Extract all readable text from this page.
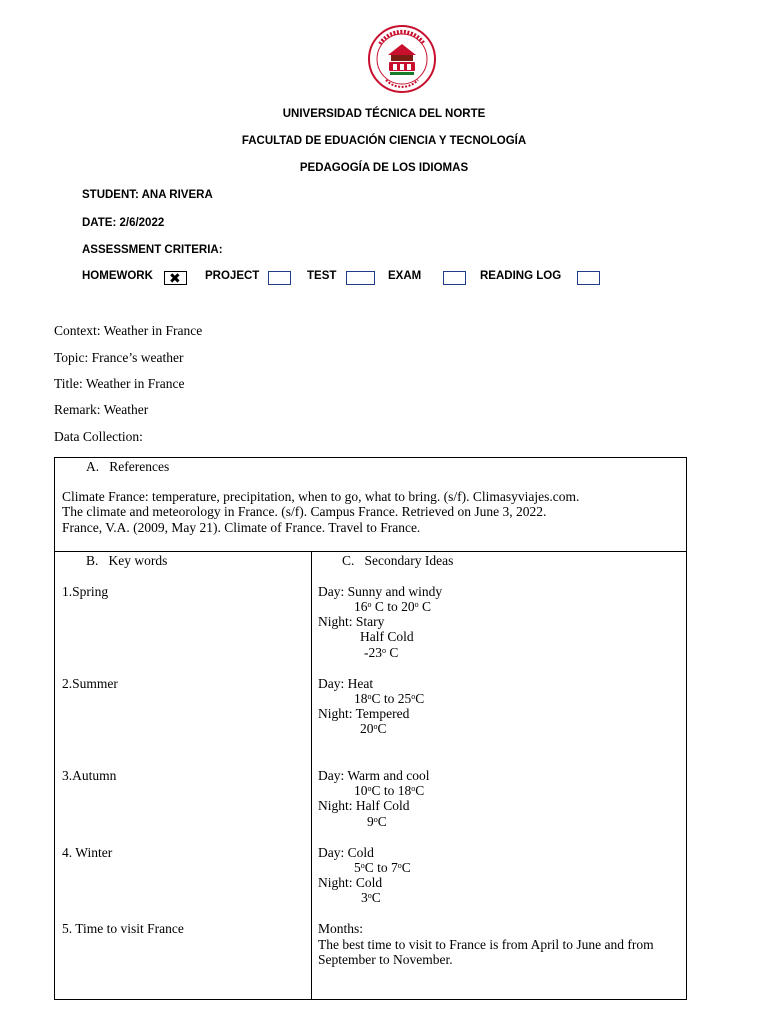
UNIVERSIDAD TÉCNICA DEL NORTE
FACULTAD DE EDUACIÓN CIENCIA Y TECNOLOGÍA
PEDAGOGÍA DE LOS IDIOMAS
STUDENT: ANA RIVERA
DATE: 2/6/2022
ASSESSMENT CRITERIA:
HOMEWORK ✖ PROJECT	TEST	EXAM	READING LOG
Context: Weather in France
Topic: France’s weather
Title: Weather in France
Remark: Weather
Data Collection:
A.   References
Climate France: temperature, precipitation, when to go, what to bring. (s/f). Climasyviajes.com.
The climate and meteorology in France. (s/f). Campus France. Retrieved on June 3, 2022.
France, V.A. (2009, May 21). Climate of France. Travel to France.
B.   Key words	C.   Secondary Ideas
1.Spring	Day: Sunny and windy
16$^o$ C to 20$^o$ C
Night: Stary
Half Cold
-23$^o$ C
2.Summer	Day: Heat
18$^o$C to 25$^o$C
Night: Tempered
20$^o$C
3.Autumn	Day: Warm and cool
10$^o$C to 18$^o$C
Night: Half Cold
9$^o$C
4. Winter	Day: Cold
5$^o$C to 7$^o$C
Night: Cold
3$^o$C
5. Time to visit France	Months:
The best time to visit to France is from April to June and from
September to November.
